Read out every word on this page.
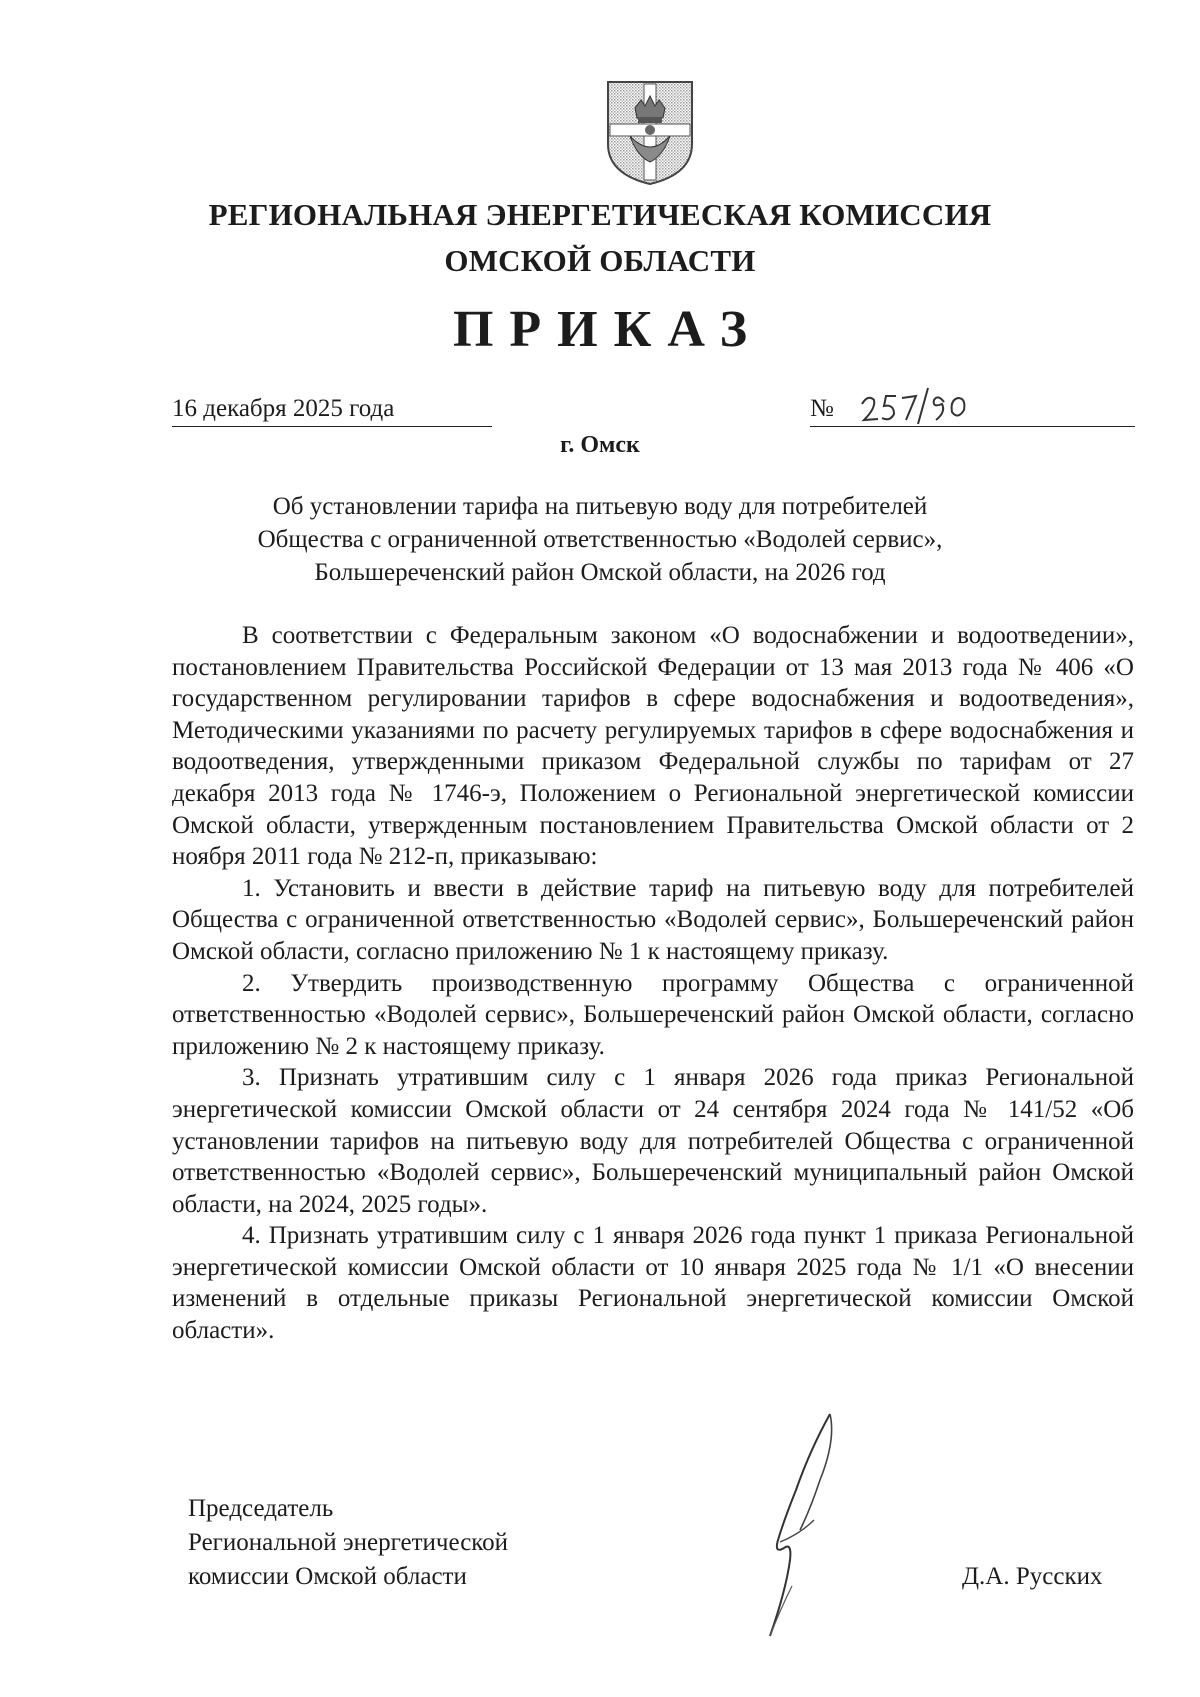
РЕГИОНАЛЬНАЯ ЭНЕРГЕТИЧЕСКАЯ КОМИССИЯ
ОМСКОЙ ОБЛАСТИ
ПРИКАЗ
16 декабря 2025 года	№
г. Омск
Об установлении тарифа на питьевую воду для потребителей
Общества с ограниченной ответственностью «Водолей сервис»,
Большереченский район Омской области, на 2026 год

В соответствии с Федеральным законом «О водоснабжении и водоотведении», постановлением Правительства Российской Федерации от 13 мая 2013 года № 406 «О государственном регулировании тарифов в сфере водоснабжения и водоотведения», Методическими указаниями по расчету регулируемых тарифов в сфере водоснабжения и водоотведения, утвержденными приказом Федеральной службы по тарифам от 27 декабря 2013 года № 1746-э, Положением о Региональной энергетической комиссии Омской области, утвержденным постановлением Правительства Омской области от 2 ноября 2011 года № 212-п, приказываю:

1. Установить и ввести в действие тариф на питьевую воду для потребителей Общества с ограниченной ответственностью «Водолей сервис», Большереченский район Омской области, согласно приложению № 1 к настоящему приказу.

2. Утвердить производственную программу Общества с ограниченной ответственностью «Водолей сервис», Большереченский район Омской области, согласно приложению № 2 к настоящему приказу.

3. Признать утратившим силу с 1 января 2026 года приказ Региональной энергетической комиссии Омской области от 24 сентября 2024 года № 141/52 «Об установлении тарифов на питьевую воду для потребителей Общества с ограниченной ответственностью «Водолей сервис», Большереченский муниципальный район Омской области, на 2024, 2025 годы».

4. Признать утратившим силу с 1 января 2026 года пункт 1 приказа Региональной энергетической комиссии Омской области от 10 января 2025 года № 1/1 «О внесении изменений в отдельные приказы Региональной энергетической комиссии Омской области».

Председатель
Региональной энергетической
комиссии Омской области	Д.А. Русских
